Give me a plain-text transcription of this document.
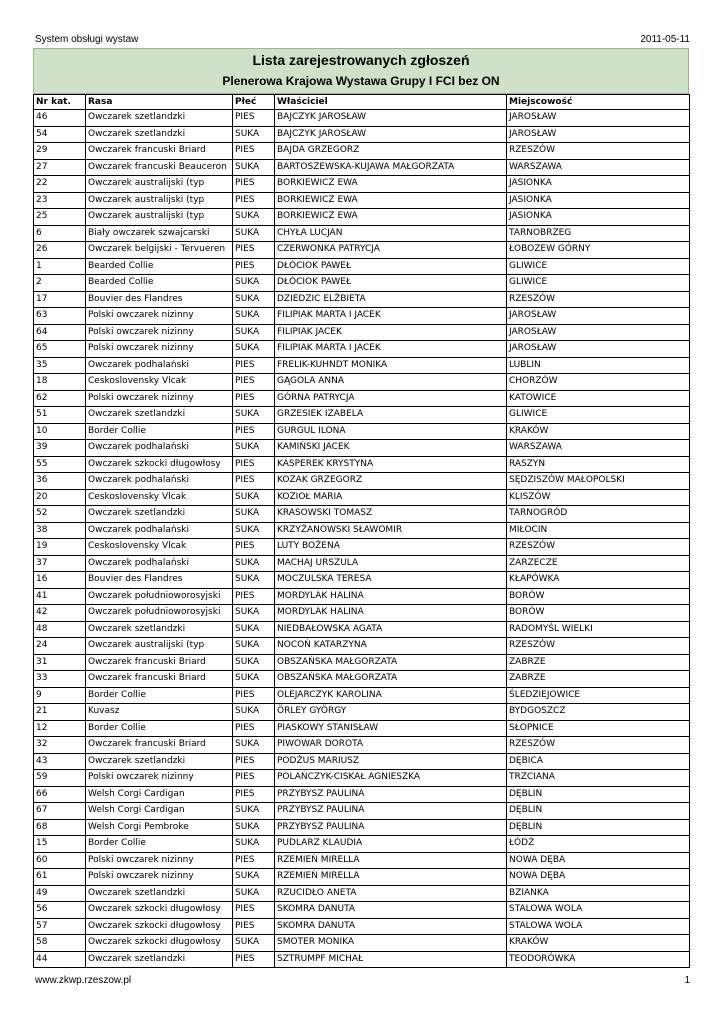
System obsługi wystaw	2011-05-11
Lista zarejestrowanych zgłoszeń
Plenerowa Krajowa Wystawa Grupy I FCI bez ON
Nr kat.	Rasa	Płeć	Właściciel	Miejscowość
46	Owczarek szetlandzki	PIES	BAJCZYK JAROSŁAW	JAROSŁAW
54	Owczarek szetlandzki	SUKA	BAJCZYK JAROSŁAW	JAROSŁAW
29	Owczarek francuski Briard	PIES	BAJDA GRZEGORZ	RZESZÓW
27	Owczarek francuski Beauceron	SUKA	BARTOSZEWSKA-KUJAWA MAŁGORZATA	WARSZAWA
22	Owczarek australijski (typ	PIES	BORKIEWICZ EWA	JASIONKA
23	Owczarek australijski (typ	PIES	BORKIEWICZ EWA	JASIONKA
25	Owczarek australijski (typ	SUKA	BORKIEWICZ EWA	JASIONKA
6	Biały owczarek szwajcarski	SUKA	CHYŁA LUCJAN	TARNOBRZEG
26	Owczarek belgijski - Tervueren	PIES	CZERWONKA PATRYCJA	ŁOBOZEW GÓRNY
1	Bearded Collie	PIES	DŁÓCIOK PAWEŁ	GLIWICE
2	Bearded Collie	SUKA	DŁÓCIOK PAWEŁ	GLIWICE
17	Bouvier des Flandres	SUKA	DZIEDZIC ELŻBIETA	RZESZÓW
63	Polski owczarek nizinny	SUKA	FILIPIAK MARTA I JACEK	JAROSŁAW
64	Polski owczarek nizinny	SUKA	FILIPIAK JACEK	JAROSŁAW
65	Polski owczarek nizinny	SUKA	FILIPIAK MARTA I JACEK	JAROSŁAW
35	Owczarek podhalański	PIES	FRELIK-KUHNDT MONIKA	LUBLIN
18	Ceskoslovensky Vlcak	PIES	GĄGOLA ANNA	CHORZÓW
62	Polski owczarek nizinny	PIES	GÓRNA PATRYCJA	KATOWICE
51	Owczarek szetlandzki	SUKA	GRZESIEK IZABELA	GLIWICE
10	Border Collie	PIES	GURGUL ILONA	KRAKÓW
39	Owczarek podhalański	SUKA	KAMIŃSKI JACEK	WARSZAWA
55	Owczarek szkocki długowłosy	PIES	KASPEREK KRYSTYNA	RASZYN
36	Owczarek podhalański	PIES	KOZAK GRZEGORZ	SĘDZISZÓW MAŁOPOLSKI
20	Ceskoslovensky Vlcak	SUKA	KOZIOŁ MARIA	KLISZÓW
52	Owczarek szetlandzki	SUKA	KRASOWSKI TOMASZ	TARNOGRÓD
38	Owczarek podhalański	SUKA	KRZYŻANOWSKI SŁAWOMIR	MIŁOCIN
19	Ceskoslovensky Vlcak	PIES	LUTY BOŻENA	RZESZÓW
37	Owczarek podhalański	SUKA	MACHAJ URSZULA	ZARZECZE
16	Bouvier des Flandres	SUKA	MOCZULSKA TERESA	KŁAPÓWKA
41	Owczarek południoworosyjski	PIES	MORDYLAK HALINA	BORÓW
42	Owczarek południoworosyjski	SUKA	MORDYLAK HALINA	BORÓW
48	Owczarek szetlandzki	SUKA	NIEDBAŁOWSKA AGATA	RADOMYŚL WIELKI
24	Owczarek australijski (typ	SUKA	NOCOŃ KATARZYNA	RZESZÓW
31	Owczarek francuski Briard	SUKA	OBSZAŃSKA MAŁGORZATA	ZABRZE
33	Owczarek francuski Briard	SUKA	OBSZAŃSKA MAŁGORZATA	ZABRZE
9	Border Collie	PIES	OLEJARCZYK KAROLINA	ŚLEDZIEJOWICE
21	Kuvasz	SUKA	ÖRLEY GYÖRGY	BYDGOSZCZ
12	Border Collie	PIES	PIASKOWY STANISŁAW	SŁOPNICE
32	Owczarek francuski Briard	SUKA	PIWOWAR DOROTA	RZESZÓW
43	Owczarek szetlandzki	PIES	PODŻUS MARIUSZ	DĘBICA
59	Polski owczarek nizinny	PIES	POLAŃCZYK-CISKAŁ AGNIESZKA	TRZCIANA
66	Welsh Corgi Cardigan	PIES	PRZYBYSZ PAULINA	DĘBLIN
67	Welsh Corgi Cardigan	SUKA	PRZYBYSZ PAULINA	DĘBLIN
68	Welsh Corgi Pembroke	SUKA	PRZYBYSZ PAULINA	DĘBLIN
15	Border Collie	SUKA	PUDLARZ KLAUDIA	ŁÓDŹ
60	Polski owczarek nizinny	PIES	RZEMIEŃ MIRELLA	NOWA DĘBA
61	Polski owczarek nizinny	SUKA	RZEMIEŃ MIRELLA	NOWA DĘBA
49	Owczarek szetlandzki	SUKA	RZUCIDŁO ANETA	BZIANKA
56	Owczarek szkocki długowłosy	PIES	SKOMRA DANUTA	STALOWA WOLA
57	Owczarek szkocki długowłosy	PIES	SKOMRA DANUTA	STALOWA WOLA
58	Owczarek szkocki długowłosy	SUKA	SMOTER MONIKA	KRAKÓW
44	Owczarek szetlandzki	PIES	SZTRUMPF MICHAŁ	TEODORÓWKA
www.zkwp.rzeszow.pl	1
